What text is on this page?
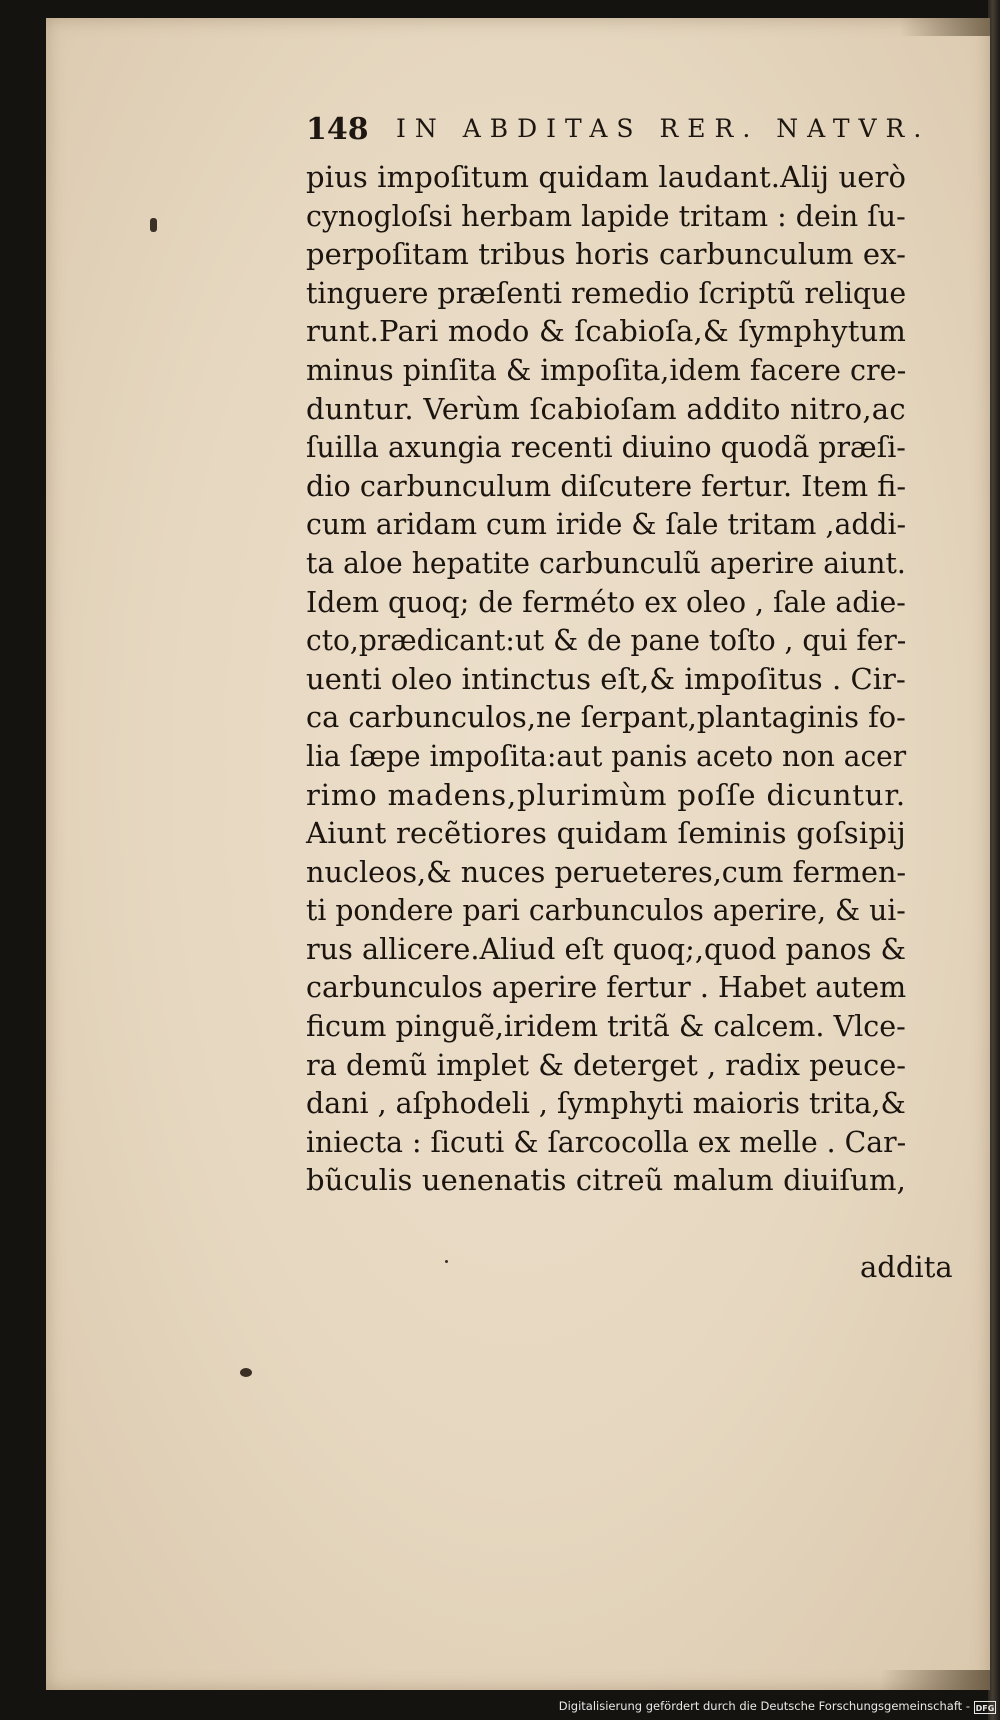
148 IN ABDITAS RER. NATVR.
pius impoſitum quidam laudant.Alij uerò
cynogloſsi herbam lapide tritam : dein ſu-
perpoſitam tribus horis carbunculum ex-
tinguere præſenti remedio ſcriptũ relique
runt.Pari modo & ſcabioſa,& ſymphytum
minus pinſita & impoſita,idem facere cre-
duntur. Verùm ſcabioſam addito nitro,ac
ſuilla axungia recenti diuino quodã præſi-
dio carbunculum diſcutere fertur. Item fi-
cum aridam cum iride & ſale tritam ,addi-
ta aloe hepatite carbunculũ aperire aiunt.
Idem quoq; de ferméto ex oleo , ſale adie-
cto,prædicant:ut & de pane toſto , qui fer-
uenti oleo intinctus eſt,& impoſitus . Cir-
ca carbunculos,ne ſerpant,plantaginis fo-
lia ſæpe impoſita:aut panis aceto non acer
rimo madens,plurimùm poſſe dicuntur.
Aiunt recẽtiores quidam ſeminis goſsipij
nucleos,& nuces perueteres,cum fermen-
ti pondere pari carbunculos aperire, & ui-
rus allicere.Aliud eſt quoq;,quod panos &
carbunculos aperire fertur . Habet autem
ficum pinguẽ,iridem tritã & calcem. Vlce-
ra demũ implet & deterget , radix peuce-
dani , aſphodeli , ſymphyti maioris trita,&
iniecta : ſicuti & ſarcocolla ex melle . Car-
bũculis uenenatis citreũ malum diuiſum,
addita
Digitalisierung gefördert durch die Deutsche Forschungsgemeinschaft - DFG
